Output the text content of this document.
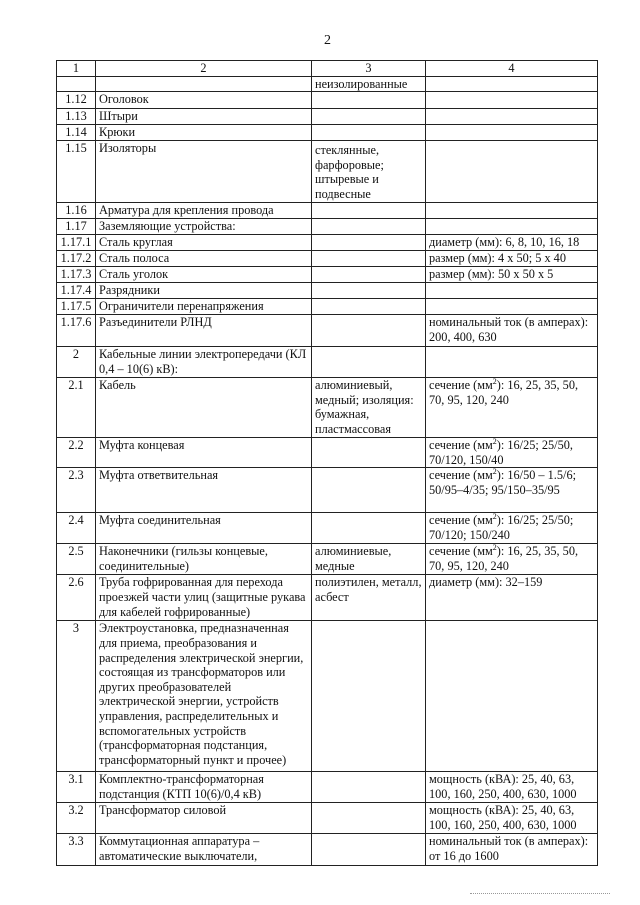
2
1	2	3	4
		неизолированные	
1.12	Оголовок		
1.13	Штыри		
1.14	Крюки		
1.15	Изоляторы	стеклянные, фарфоровые; штыревые и подвесные	
1.16	Арматура для крепления провода		
1.17	Заземляющие устройства:		
1.17.1	Сталь круглая		диаметр (мм): 6, 8, 10, 16, 18
1.17.2	Сталь полоса		размер (мм): 4 х 50; 5 х 40
1.17.3	Сталь уголок		размер (мм): 50 х 50 х 5
1.17.4	Разрядники		
1.17.5	Ограничители перенапряжения		
1.17.6	Разъединители РЛНД		номинальный ток (в амперах): 200, 400, 630
2	Кабельные линии электропередачи (КЛ 0,4 – 10(6) кВ):		
2.1	Кабель	алюминиевый, медный; изоляция: бумажная, пластмассовая	сечение $(мм^2)$: 16, 25, 35, 50, 70, 95, 120, 240
2.2	Муфта концевая		сечение $(мм^2)$: 16/25; 25/50, 70/120, 150/40
2.3	Муфта ответвительная		сечение $(мм^2)$: 16/50 – 1.5/6; 50/95–4/35; 95/150–35/95
2.4	Муфта соединительная		сечение $(мм^2)$: 16/25; 25/50; 70/120; 150/240
2.5	Наконечники (гильзы концевые, соединительные)	алюминиевые, медные	сечение $(мм^2)$: 16, 25, 35, 50, 70, 95, 120, 240
2.6	Труба гофрированная для перехода проезжей части улиц (защитные рукава для кабелей гофрированные)	полиэтилен, металл, асбест	диаметр (мм): 32–159
3	Электроустановка, предназначенная для приема, преобразования и распределения электрической энергии, состоящая из трансформаторов или других преобразователей электрической энергии, устройств управления, распределительных и вспомогательных устройств (трансформаторная подстанция, трансформаторный пункт и прочее)		
3.1	Комплектно-трансформаторная подстанция (КТП 10(6)/0,4 кВ)		мощность (кВА): 25, 40, 63, 100, 160, 250, 400, 630, 1000
3.2	Трансформатор силовой		мощность (кВА): 25, 40, 63, 100, 160, 250, 400, 630, 1000
3.3	Коммутационная аппаратура – автоматические выключатели,		номинальный ток (в амперах): от 16 до 1600
